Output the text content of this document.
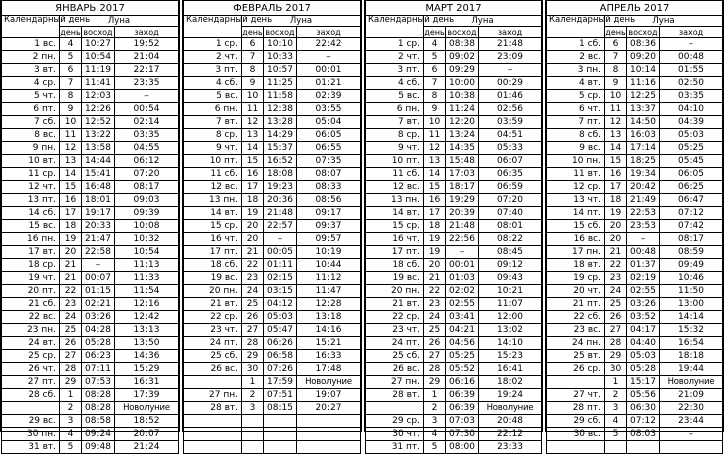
ЯНВАРЬ 2017			
Календарный день	Луна		
	день	восход	заход
1 вс.	4	10:27	19:52
2 пн.	5	10:54	21:04
3 вт.	6	11:19	22:17
4 ср.	7	11:41	23:35
5 чт.	8	12:03	–
6 пт.	9	12:26	00:54
7 сб.	10	12:52	02:14
8 вс.	11	13:22	03:35
9 пн.	12	13:58	04:55
10 вт.	13	14:44	06:12
11 ср.	14	15:41	07:20
12 чт.	15	16:48	08:17
13 пт.	16	18:01	09:03
14 сб.	17	19:17	09:39
15 вс.	18	20:33	10:08
16 пн.	19	21:47	10:32
17 вт.	20	22:58	10:54
18 ср.	21	–	11:13
19 чт.	21	00:07	11:33
20 пт.	22	01:15	11:54
21 сб.	23	02:21	12:16
22 вс.	24	03:26	12:42
23 пн.	25	04:28	13:13
24 вт.	26	05:28	13:50
25 ср.	27	06:23	14:36
26 чт.	28	07:11	15:29
27 пт.	29	07:53	16:31
28 сб.	1	08:28	17:39
	2	08:28	Новолуние
29 вс.	3	08:58	18:52
30 пн.	4	09:24	20:07
31 вт.	5	09:48	21:24
ФЕВРАЛЬ 2017			
Календарный день	Луна		
	день	восход	заход
1 ср.	6	10:10	22:42
2 чт.	7	10:33	–
3 пт.	8	10:57	00:01
4 сб.	9	11:25	01:21
5 вс.	10	11:58	02:39
6 пн.	11	12:38	03:55
7 вт.	12	13:28	05:04
8 ср.	13	14:29	06:05
9 чт.	14	15:37	06:55
10 пт.	15	16:52	07:35
11 сб.	16	18:08	08:07
12 вс.	17	19:23	08:33
13 пн.	18	20:36	08:56
14 вт.	19	21:48	09:17
15 ср.	20	22:57	09:37
16 чт.	20	–	09:57
17 пт.	21	00:05	10:19
18 сб.	22	01:11	10:44
19 вс.	23	02:15	11:12
20 пн.	24	03:15	11:47
21 вт.	25	04:12	12:28
22 ср.	26	05:03	13:18
23 чт.	27	05:47	14:16
24 пт.	28	06:26	15:21
25 сб.	29	06:58	16:33
26 вс.	30	07:26	17:48
	1	17:59	Новолуние
27 пн.	2	07:51	19:07
28 вт.	3	08:15	20:27

МАРТ 2017			
Календарный день	Луна		
	день	восход	заход
1 ср.	4	08:38	21:48
2 чт.	5	09:02	23:09
3 пт.	6	09:29	–
4 сб.	7	10:00	00:29
5 вс.	8	10:38	01:46
6 пн.	9	11:24	02:56
7 вт.	10	12:20	03:59
8 ср.	11	13:24	04:51
9 чт.	12	14:35	05:33
10 пт.	13	15:48	06:07
11 сб.	14	17:03	06:35
12 вс.	15	18:17	06:59
13 пн.	16	19:29	07:20
14 вт.	17	20:39	07:40
15 ср.	18	21:48	08:01
16 чт.	19	22:56	08:22
17 пт.	19	–	08:45
18 сб.	20	00:01	09:12
19 вс.	21	01:03	09:43
20 пн.	22	02:02	10:21
21 вт.	23	02:55	11:07
22 ср.	24	03:41	12:00
23 чт.	25	04:21	13:02
24 пт.	26	04:56	14:10
25 сб.	27	05:25	15:23
26 вс.	28	05:52	16:41
27 пн.	29	06:16	18:02
28 вт.	1	06:39	19:24
	2	06:39	Новолуние
29 ср.	3	07:03	20:48
30 чт.	4	07:30	22:12
31 пт.	5	08:00	23:33
АПРЕЛЬ 2017			
Календарный день	Луна		
	день	восход	заход
1 сб.	6	08:36	–
2 вс.	7	09:20	00:48
3 пн.	8	10:14	01:55
4 вт.	9	11:16	02:50
5 ср.	10	12:25	03:35
6 чт.	11	13:37	04:10
7 пт.	12	14:50	04:39
8 сб.	13	16:03	05:03
9 вс.	14	17:14	05:25
10 пн.	15	18:25	05:45
11 вт.	16	19:34	06:05
12 ср.	17	20:42	06:25
13 чт.	18	21:49	06:47
14 пт.	19	22:53	07:12
15 сб.	20	23:53	07:42
16 вс.	20	–	08:17
17 пн.	21	00:48	08:59
18 вт.	22	01:37	09:49
19 ср.	23	02:19	10:46
20 чт.	24	02:55	11:50
21 пт.	25	03:26	13:00
22 сб.	26	03:52	14:14
23 вс.	27	04:17	15:32
24 пн.	28	04:40	16:54
25 вт.	29	05:03	18:18
26 ср.	30	05:28	19:44
	1	15:17	Новолуние
27 чт.	2	05:56	21:09
28 пт.	3	06:30	22:30
29 сб.	4	07:12	23:44
30 вс.	5	08:03	–
